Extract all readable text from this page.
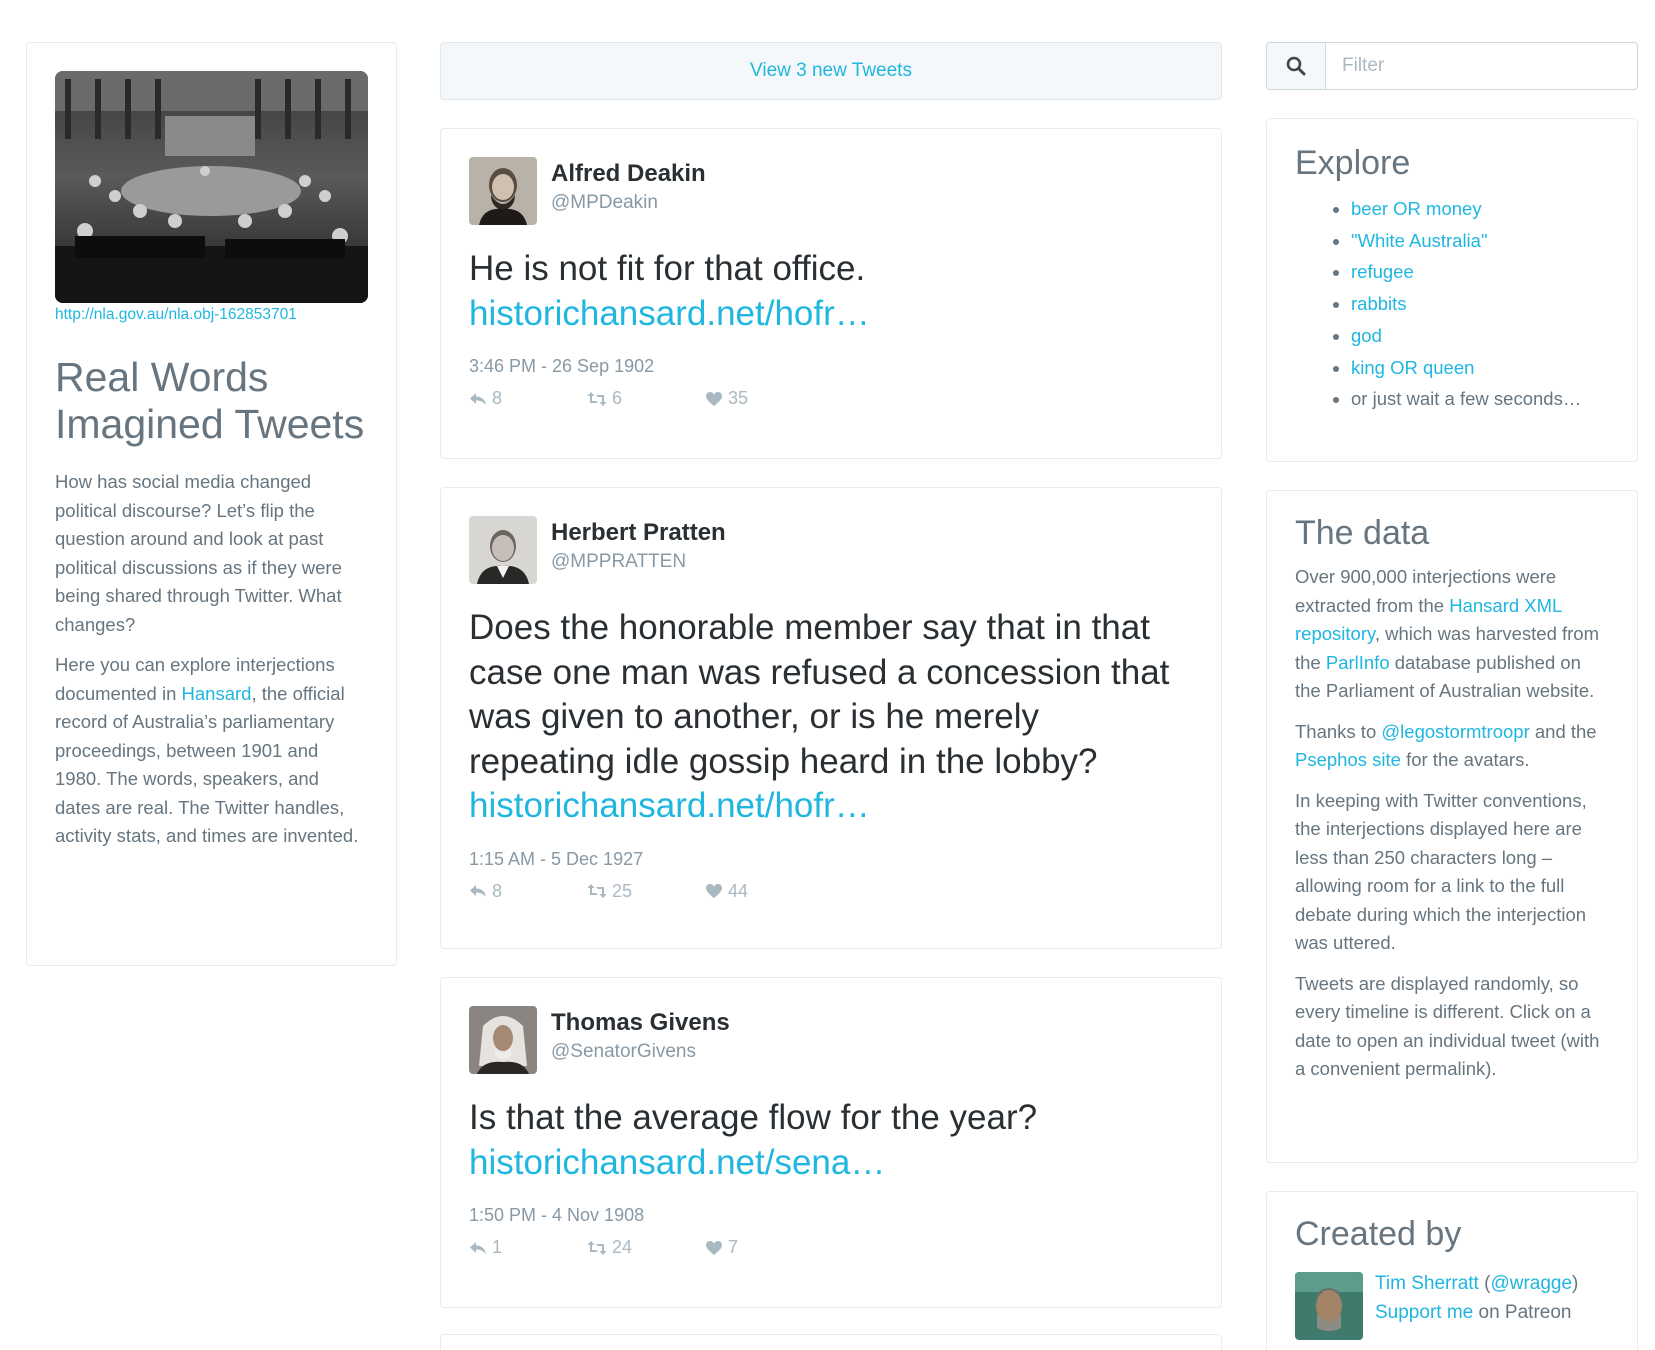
http://nla.gov.au/nla.obj-162853701
Real Words Imagined Tweets

How has social media changed political discourse? Let’s flip the question around and look at past political discussions as if they were being shared through Twitter. What changes?

Here you can explore interjections documented in Hansard, the official record of Australia’s parliamentary proceedings, between 1901 and 1980. The words, speakers, and dates are real. The Twitter handles, activity stats, and times are invented.

View 3 new Tweets
Alfred Deakin
@MPDeakin
He is not fit for that office.
historichansard.net/hofr…
3:46 PM - 26 Sep 1902
8	6	35
Herbert Pratten
@MPPRATTEN
Does the honorable member say that in that case one man was refused a concession that was given to another, or is he merely repeating idle gossip heard in the lobby?
historichansard.net/hofr…
1:15 AM - 5 Dec 1927
8	25	44
Thomas Givens
@SenatorGivens
Is that the average flow for the year?
historichansard.net/sena…
1:50 PM - 4 Nov 1908
1	24	7
Filter
Explore
• beer OR money
• "White Australia"
• refugee
• rabbits
• god
• king OR queen
• or just wait a few seconds…
The data

Over 900,000 interjections were extracted from the Hansard XML repository, which was harvested from the ParlInfo database published on the Parliament of Australian website.

Thanks to @legostormtroopr and the Psephos site for the avatars.

In keeping with Twitter conventions, the interjections displayed here are less than 250 characters long – allowing room for a link to the full debate during which the interjection was uttered.

Tweets are displayed randomly, so every timeline is different. Click on a date to open an individual tweet (with a convenient permalink).

Created by
Tim Sherratt (@wragge)
Support me on Patreon
